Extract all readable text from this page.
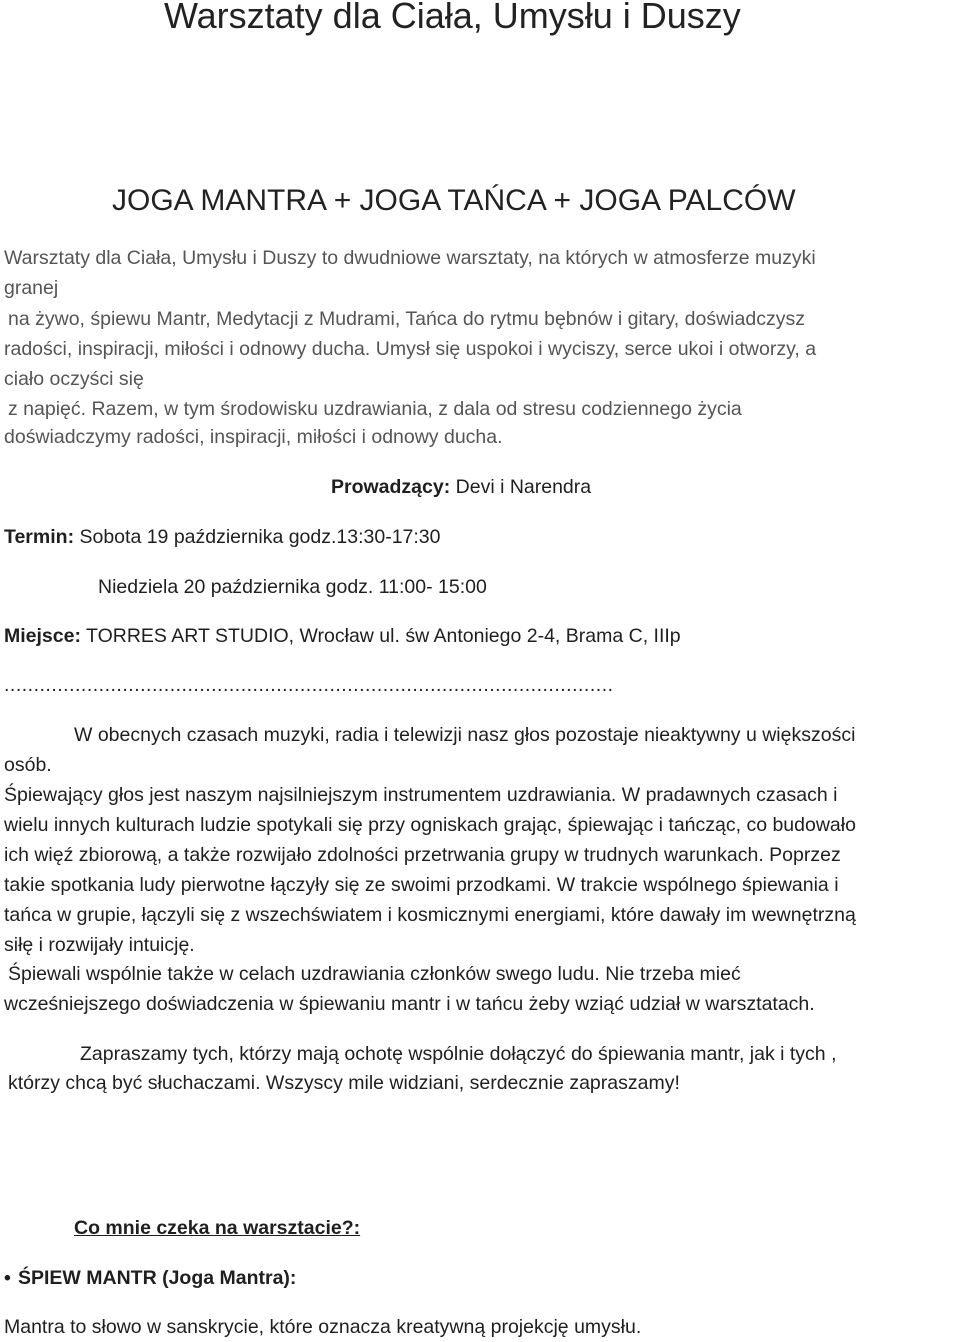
Warsztaty dla Ciała, Umysłu i Duszy
JOGA MANTRA + JOGA TAŃCA + JOGA PALCÓW
Warsztaty dla Ciała, Umysłu i Duszy to dwudniowe warsztaty, na których w atmosferze muzyki
granej
na żywo, śpiewu Mantr, Medytacji z Mudrami, Tańca do rytmu bębnów i gitary, doświadczysz
radości, inspiracji, miłości i odnowy ducha. Umysł się uspokoi i wyciszy, serce ukoi i otworzy, a
ciało oczyści się
z napięć. Razem, w tym środowisku uzdrawiania, z dala od stresu codziennego życia
doświadczymy radości, inspiracji, miłości i odnowy ducha.
Prowadzący: Devi i Narendra
Termin: Sobota 19 października godz.13:30-17:30
Niedziela 20 października godz. 11:00- 15:00
Miejsce: TORRES ART STUDIO, Wrocław ul. św Antoniego 2-4, Brama C, IIIp
.......................................................................................................
W obecnych czasach muzyki, radia i telewizji nasz głos pozostaje nieaktywny u większości
osób.
Śpiewający głos jest naszym najsilniejszym instrumentem uzdrawiania. W pradawnych czasach i
wielu innych kulturach ludzie spotykali się przy ogniskach grając, śpiewając i tańcząc, co budowało
ich więź zbiorową, a także rozwijało zdolności przetrwania grupy w trudnych warunkach. Poprzez
takie spotkania ludy pierwotne łączyły się ze swoimi przodkami. W trakcie wspólnego śpiewania i
tańca w grupie, łączyli się z wszechświatem i kosmicznymi energiami, które dawały im wewnętrzną
siłę i rozwijały intuicję.
Śpiewali wspólnie także w celach uzdrawiania członków swego ludu. Nie trzeba mieć
wcześniejszego doświadczenia w śpiewaniu mantr i w tańcu żeby wziąć udział w warsztatach.
Zapraszamy tych, którzy mają ochotę wspólnie dołączyć do śpiewania mantr, jak i tych ,
którzy chcą być słuchaczami. Wszyscy mile widziani, serdecznie zapraszamy!
Co mnie czeka na warsztacie?:
• ŚPIEW MANTR (Joga Mantra):
Mantra to słowo w sanskrycie, które oznacza kreatywną projekcję umysłu.
